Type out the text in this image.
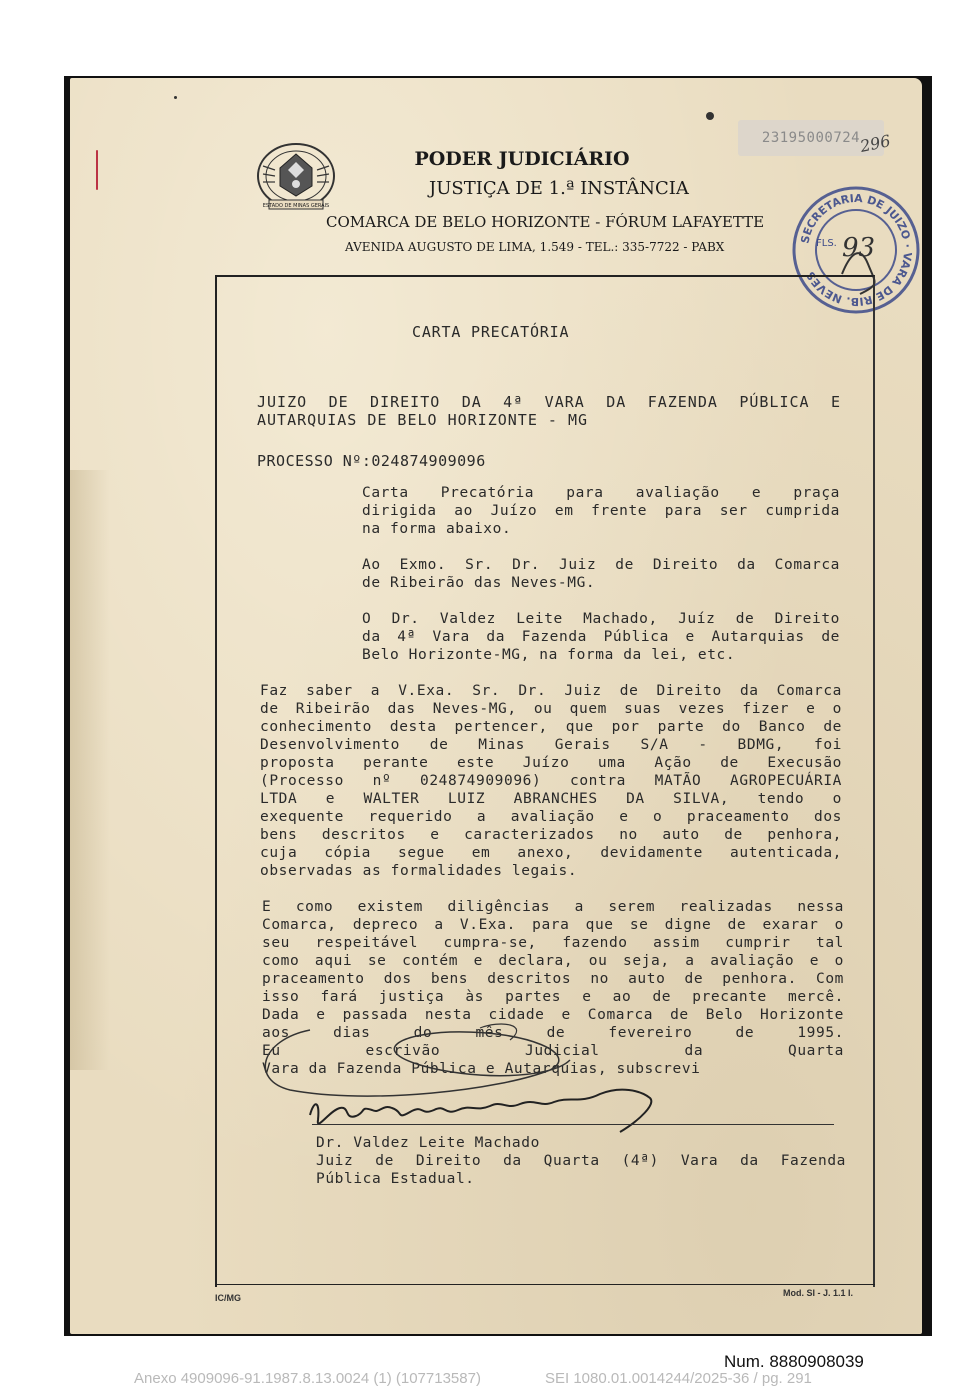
ESTADO DE MINAS GERAIS
PODER JUDICIÁRIO
JUSTIÇA DE 1.ª INSTÂNCIA
COMARCA DE BELO HORIZONTE - FÓRUM LAFAYETTE
AVENIDA AUGUSTO DE LIMA, 1.549 - TEL.: 335-7722 - PABX
23195000724
296
SECRETARIA DE JUIZO · VARA DE RIB. NEVES
FLS. 93
CARTA PRECATÓRIA
JUIZO DE DIREITO DA 4ª VARA DA FAZENDA PÚBLICA E
AUTARQUIAS DE BELO HORIZONTE - MG
PROCESSO Nº:024874909096
Carta Precatória para avaliação e praça
dirigida ao Juízo em frente para ser cumprida
na forma abaixo.
Ao Exmo. Sr. Dr. Juiz de Direito da Comarca
de Ribeirão das Neves-MG.
O Dr. Valdez Leite Machado, Juíz de Direito
da 4ª Vara da Fazenda Pública e Autarquias de
Belo Horizonte-MG, na forma da lei, etc.
Faz saber a V.Exa. Sr. Dr. Juiz de Direito da Comarca
de Ribeirão das Neves-MG, ou quem suas vezes fizer e o
conhecimento desta pertencer, que por parte do Banco de
Desenvolvimento de Minas Gerais S/A - BDMG, foi
proposta perante este Juízo uma Ação de Execusão
(Processo nº 024874909096) contra MATÃO AGROPECUÁRIA
LTDA e WALTER LUIZ ABRANCHES DA SILVA, tendo o
exequente requerido a avaliação e o praceamento dos
bens descritos e caracterizados no auto de penhora,
cuja cópia segue em anexo, devidamente autenticada,
observadas as formalidades legais.
E como existem diligências a serem realizadas nessa
Comarca, depreco a V.Exa. para que se digne de exarar o
seu respeitável cumpra-se, fazendo assim cumprir tal
como aqui se contém e declara, ou seja, a avaliação e o
praceamento dos bens descritos no auto de penhora. Com
isso fará justiça às partes e ao de precante mercê.
Dada e passada nesta cidade e Comarca de Belo Horizonte
aos dias do mês de fevereiro de 1995.
Eu escrivão Judicial da Quarta
Vara da Fazenda Pública e Autarquias, subscrevi
Dr. Valdez Leite Machado
Juiz de Direito da Quarta (4ª) Vara da Fazenda
Pública Estadual.
IC/MG	Mod. SI - J. 1.1 I.
Num. 8880908039
Anexo 4909096-91.1987.8.13.0024 (1) (107713587)	SEI 1080.01.0014244/2025-36 / pg. 291
